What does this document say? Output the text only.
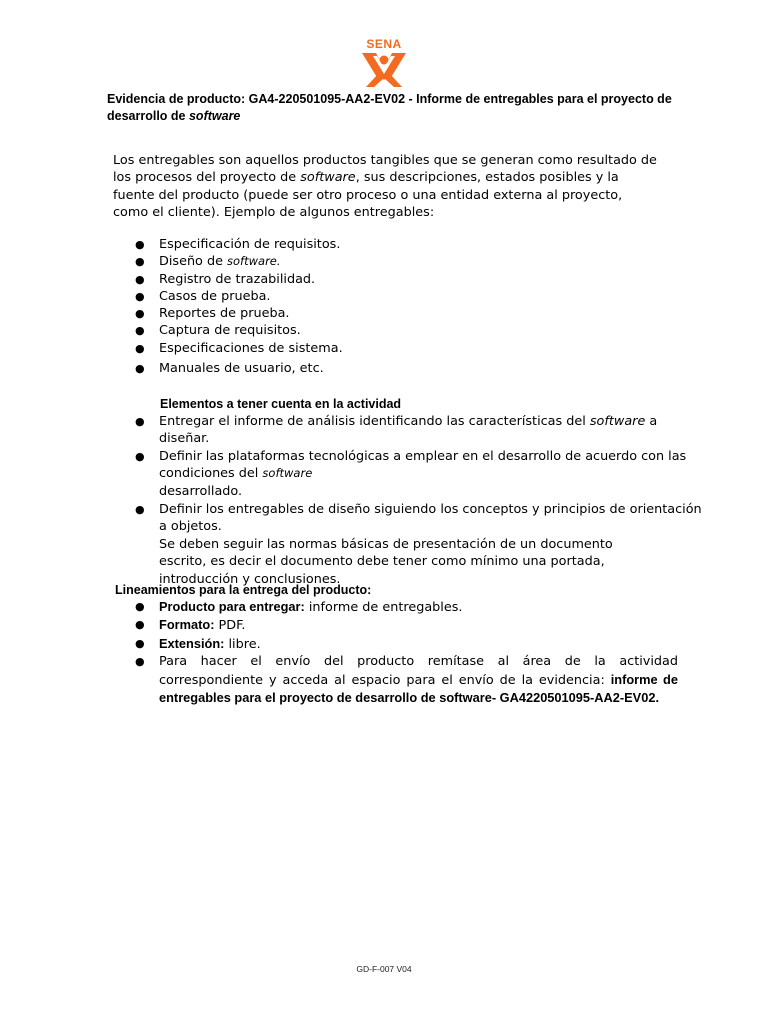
SENA
Evidencia de producto: GA4-220501095-AA2-EV02 - Informe de entregables para el proyecto de desarrollo de software
Los entregables son aquellos productos tangibles que se generan como resultado de los procesos del proyecto de software, sus descripciones, estados posibles y la fuente del producto (puede ser otro proceso o una entidad externa al proyecto, como el cliente). Ejemplo de algunos entregables:
● Especificación de requisitos.
● Diseño de software.
● Registro de trazabilidad.
● Casos de prueba.
● Reportes de prueba.
● Captura de requisitos.
● Especificaciones de sistema.
● Manuales de usuario, etc.
Elementos a tener cuenta en la actividad
● Entregar el informe de análisis identificando las características del software a diseñar.
● Definir las plataformas tecnológicas a emplear en el desarrollo de acuerdo con las condiciones del software
desarrollado.
● Definir los entregables de diseño siguiendo los conceptos y principios de orientación a objetos.

Se deben seguir las normas básicas de presentación de un documento escrito, es decir el documento debe tener como mínimo una portada, introducción y conclusiones.
Lineamientos para la entrega del producto:
● Producto para entregar: informe de entregables.
● Formato: PDF.
● Extensión: libre.
● Para hacer el envío del producto remítase al área de la actividad correspondiente y acceda al espacio para el envío de la evidencia: informe de entregables para el proyecto de desarrollo de software- GA4220501095-AA2-EV02.
GD-F-007 V04
